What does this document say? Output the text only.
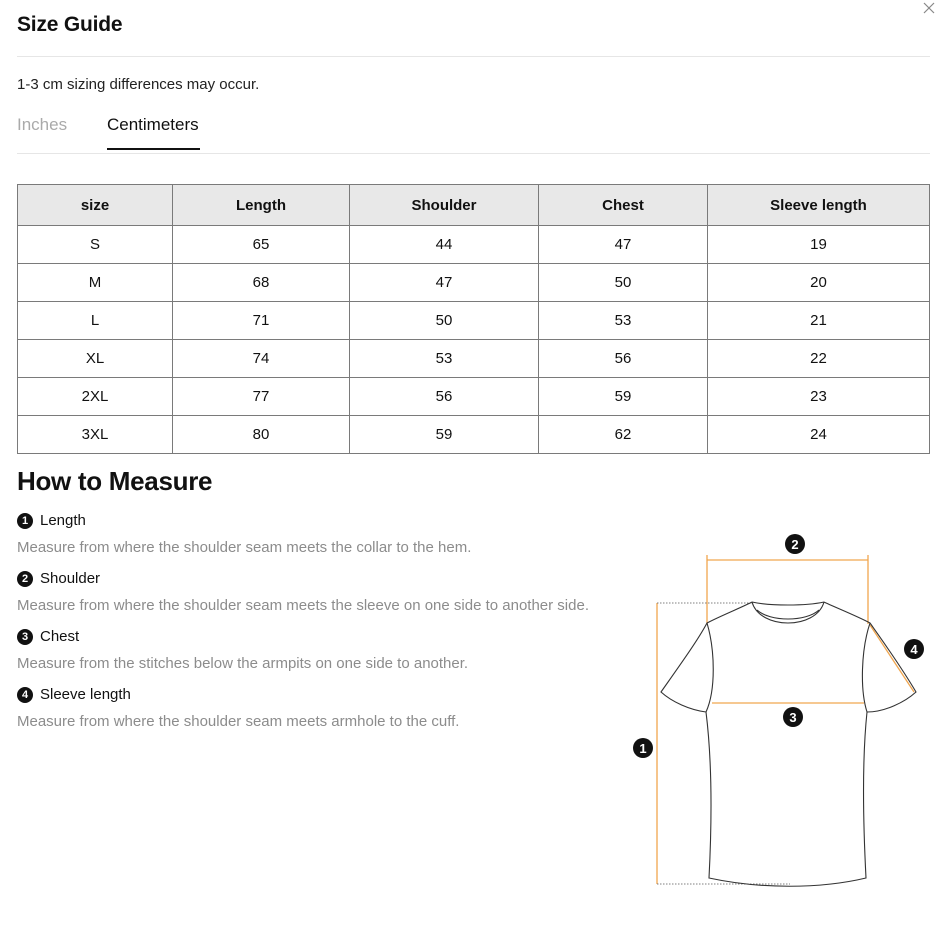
Size Guide
1-3 cm sizing differences may occur.
Inches Centimeters
size	Length	Shoulder	Chest	Sleeve length
S	65	44	47	19
M	68	47	50	20
L	71	50	53	21
XL	74	53	56	22
2XL	77	56	59	23
3XL	80	59	62	24
How to Measure
1 Length
Measure from where the shoulder seam meets the collar to the hem.
2 Shoulder
Measure from where the shoulder seam meets the sleeve on one side to another side.
3 Chest
Measure from the stitches below the armpits on one side to another.
4 Sleeve length
Measure from where the shoulder seam meets armhole to the cuff.
2
1
3
4
